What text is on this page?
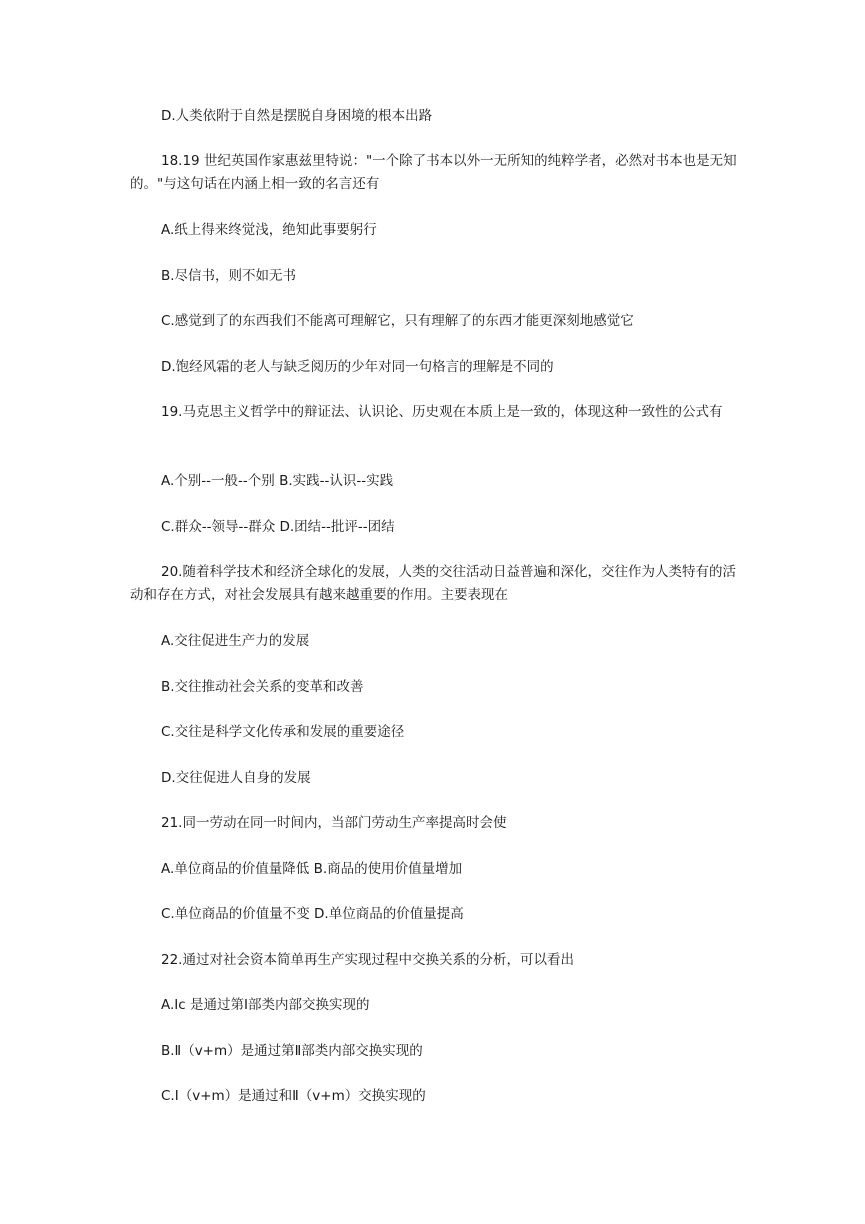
D.人类依附于自然是摆脱自身困境的根本出路

18.19 世纪英国作家惠兹里特说："一个除了书本以外一无所知的纯粹学者，必然对书本也是无知的。"与这句话在内涵上相一致的名言还有

A.纸上得来终觉浅，绝知此事要躬行

B.尽信书，则不如无书

C.感觉到了的东西我们不能离可理解它，只有理解了的东西才能更深刻地感觉它

D.饱经风霜的老人与缺乏阅历的少年对同一句格言的理解是不同的

19.马克思主义哲学中的辩证法、认识论、历史观在本质上是一致的，体现这种一致性的公式有

A.个别--一般--个别 B.实践--认识--实践

C.群众--领导--群众 D.团结--批评--团结

20.随着科学技术和经济全球化的发展，人类的交往活动日益普遍和深化，交往作为人类特有的活动和存在方式，对社会发展具有越来越重要的作用。主要表现在

A.交往促进生产力的发展

B.交往推动社会关系的变革和改善

C.交往是科学文化传承和发展的重要途径

D.交往促进人自身的发展

21.同一劳动在同一时间内，当部门劳动生产率提高时会使

A.单位商品的价值量降低 B.商品的使用价值量增加

C.单位商品的价值量不变 D.单位商品的价值量提高

22.通过对社会资本简单再生产实现过程中交换关系的分析，可以看出

A.Ⅰc 是通过第Ⅰ部类内部交换实现的

B.Ⅱ（v+m）是通过第Ⅱ部类内部交换实现的

C.Ⅰ（v+m）是通过和Ⅱ（v+m）交换实现的
